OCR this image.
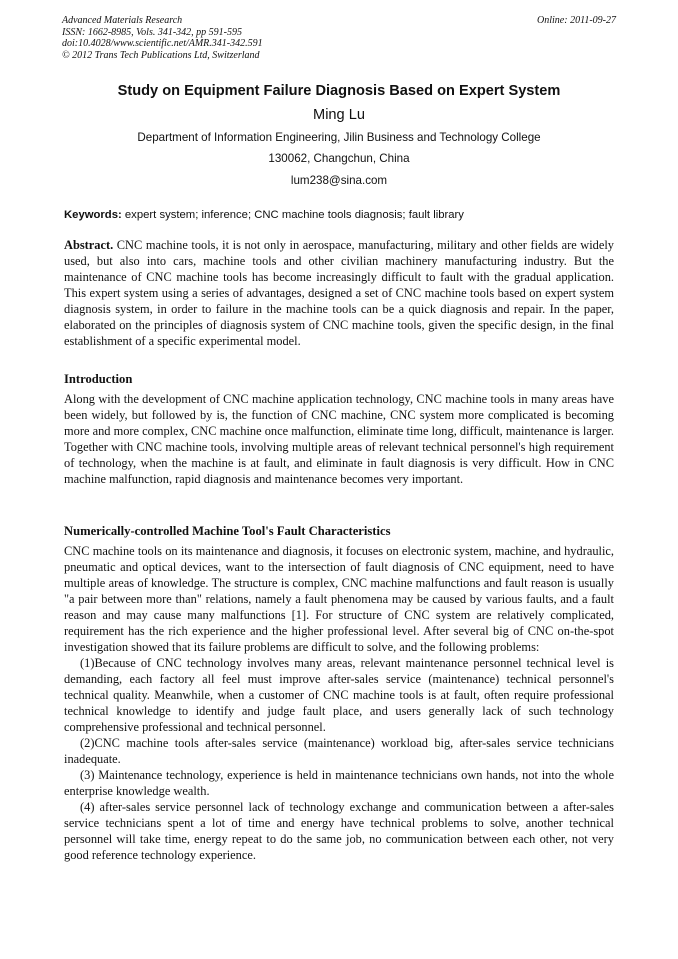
Advanced Materials Research
ISSN: 1662-8985, Vols. 341-342, pp 591-595
doi:10.4028/www.scientific.net/AMR.341-342.591
© 2012 Trans Tech Publications Ltd, Switzerland
Online: 2011-09-27
Study on Equipment Failure Diagnosis Based on Expert System
Ming Lu
Department of Information Engineering, Jilin Business and Technology College
130062, Changchun, China
lum238@sina.com
Keywords: expert system; inference; CNC machine tools diagnosis; fault library
Abstract. CNC machine tools, it is not only in aerospace, manufacturing, military and other fields are widely used, but also into cars, machine tools and other civilian machinery manufacturing industry. But the maintenance of CNC machine tools has become increasingly difficult to fault with the gradual application. This expert system using a series of advantages, designed a set of CNC machine tools based on expert system diagnosis system, in order to failure in the machine tools can be a quick diagnosis and repair. In the paper, elaborated on the principles of diagnosis system of CNC machine tools, given the specific design, in the final establishment of a specific experimental model.
Introduction

Along with the development of CNC machine application technology, CNC machine tools in many areas have been widely, but followed by is, the function of CNC machine, CNC system more complicated is becoming more and more complex, CNC machine once malfunction, eliminate time long, difficult, maintenance is larger. Together with CNC machine tools, involving multiple areas of relevant technical personnel's high requirement of technology, when the machine is at fault, and eliminate in fault diagnosis is very difficult. How in CNC machine malfunction, rapid diagnosis and maintenance becomes very important.

Numerically-controlled Machine Tool's Fault Characteristics

CNC machine tools on its maintenance and diagnosis, it focuses on electronic system, machine, and hydraulic, pneumatic and optical devices, want to the intersection of fault diagnosis of CNC equipment, need to have multiple areas of knowledge. The structure is complex, CNC machine malfunctions and fault reason is usually "a pair between more than" relations, namely a fault phenomena may be caused by various faults, and a fault reason and may cause many malfunctions [1]. For structure of CNC system are relatively complicated, requirement has the rich experience and the higher professional level. After several big of CNC on-the-spot investigation showed that its failure problems are difficult to solve, and the following problems:

(1)Because of CNC technology involves many areas, relevant maintenance personnel technical level is demanding, each factory all feel must improve after-sales service (maintenance) technical personnel's technical quality. Meanwhile, when a customer of CNC machine tools is at fault, often require professional technical knowledge to identify and judge fault place, and users generally lack of such technology comprehensive professional and technical personnel.

(2)CNC machine tools after-sales service (maintenance) workload big, after-sales service technicians inadequate.

(3) Maintenance technology, experience is held in maintenance technicians own hands, not into the whole enterprise knowledge wealth.

(4) after-sales service personnel lack of technology exchange and communication between a after-sales service technicians spent a lot of time and energy have technical problems to solve, another technical personnel will take time, energy repeat to do the same job, no communication between each other, not very good reference technology experience.
